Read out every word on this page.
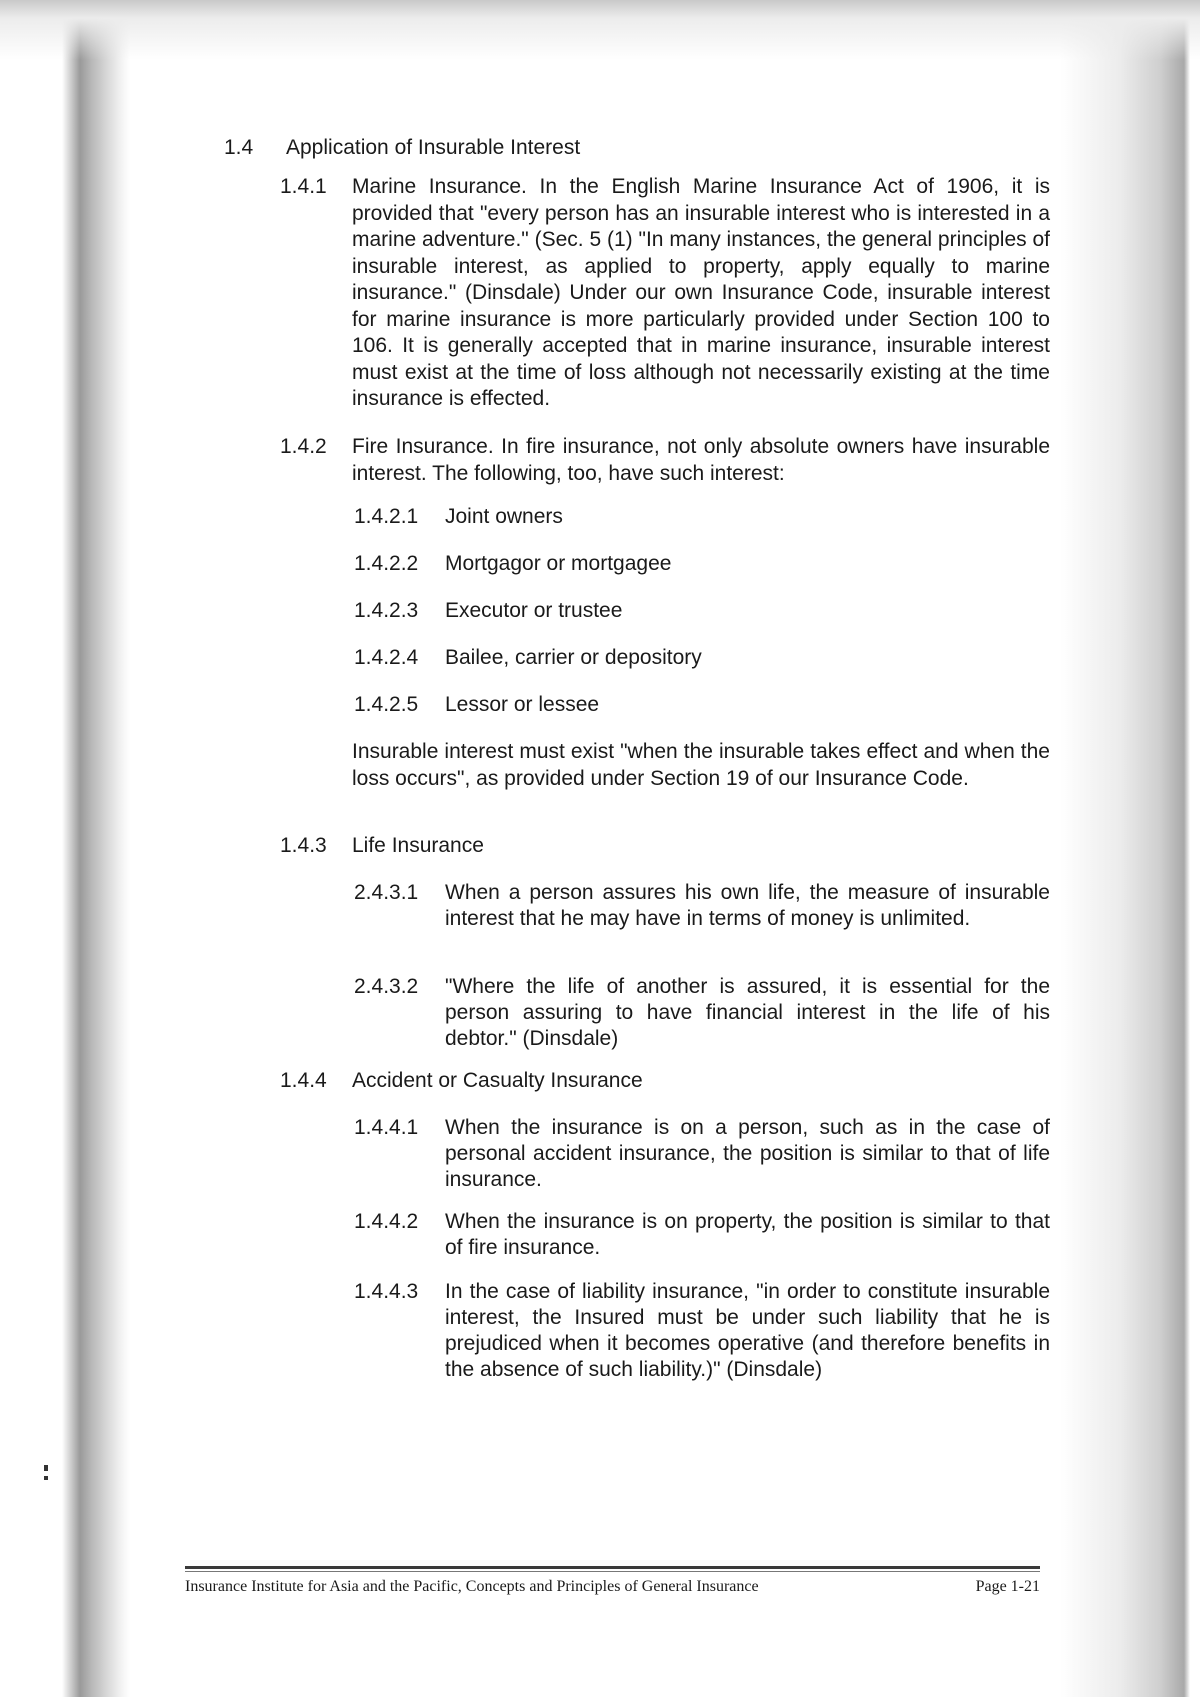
1.4 Application of Insurable Interest
1.4.1	Marine Insurance. In the English Marine Insurance Act of 1906, it is provided that "every person has an insurable interest who is interested in a marine adventure." (Sec. 5 (1) "In many instances, the general principles of insurable interest, as applied to property, apply equally to marine insurance." (Dinsdale) Under our own Insurance Code, insurable interest for marine insurance is more particularly provided under Section 100 to 106. It is generally accepted that in marine insurance, insurable interest must exist at the time of loss although not necessarily existing at the time insurance is effected.
1.4.2	Fire Insurance. In fire insurance, not only absolute owners have insurable interest. The following, too, have such interest:
1.4.2.1	Joint owners
1.4.2.2	Mortgagor or mortgagee
1.4.2.3	Executor or trustee
1.4.2.4	Bailee, carrier or depository
1.4.2.5	Lessor or lessee
Insurable interest must exist "when the insurable takes effect and when the loss occurs", as provided under Section 19 of our Insurance Code.
1.4.3	Life Insurance
2.4.3.1	When a person assures his own life, the measure of insurable interest that he may have in terms of money is unlimited.
2.4.3.2	"Where the life of another is assured, it is essential for the person assuring to have financial interest in the life of his debtor." (Dinsdale)
1.4.4	Accident or Casualty Insurance
1.4.4.1	When the insurance is on a person, such as in the case of personal accident insurance, the position is similar to that of life insurance.
1.4.4.2	When the insurance is on property, the position is similar to that of fire insurance.
1.4.4.3	In the case of liability insurance, "in order to constitute insurable interest, the Insured must be under such liability that he is prejudiced when it becomes operative (and therefore benefits in the absence of such liability.)" (Dinsdale)
Insurance Institute for Asia and the Pacific, Concepts and Principles of General Insurance	Page 1-21
